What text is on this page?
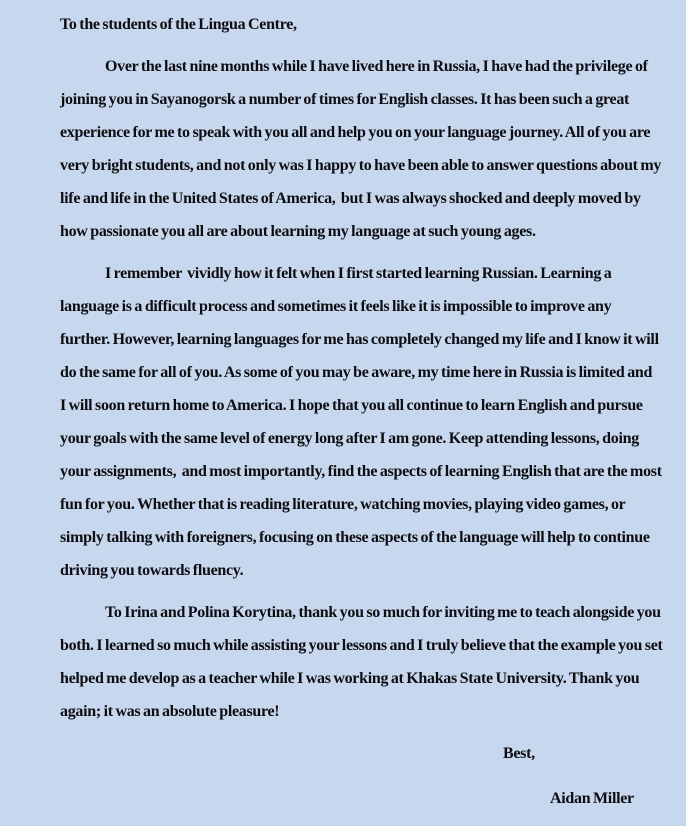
To the students of the Lingua Centre,
Over the last nine months while I have lived here in Russia, I have had the privilege of
joining you in Sayanogorsk a number of times for English classes. It has been such a great
experience for me to speak with you all and help you on your language journey. All of you are
very bright students, and not only was I happy to have been able to answer questions about my
life and life in the United States of America,  but I was always shocked and deeply moved by
how passionate you all are about learning my language at such young ages.
I remember  vividly how it felt when I first started learning Russian. Learning a
language is a difficult process and sometimes it feels like it is impossible to improve any
further. However, learning languages for me has completely changed my life and I know it will
do the same for all of you. As some of you may be aware, my time here in Russia is limited and
I will soon return home to America. I hope that you all continue to learn English and pursue
your goals with the same level of energy long after I am gone. Keep attending lessons, doing
your assignments,  and most importantly, find the aspects of learning English that are the most
fun for you. Whether that is reading literature, watching movies, playing video games, or
simply talking with foreigners, focusing on these aspects of the language will help to continue
driving you towards fluency.
To Irina and Polina Korytina, thank you so much for inviting me to teach alongside you
both. I learned so much while assisting your lessons and I truly believe that the example you set
helped me develop as a teacher while I was working at Khakas State University. Thank you
again; it was an absolute pleasure!
Best,
Aidan Miller
